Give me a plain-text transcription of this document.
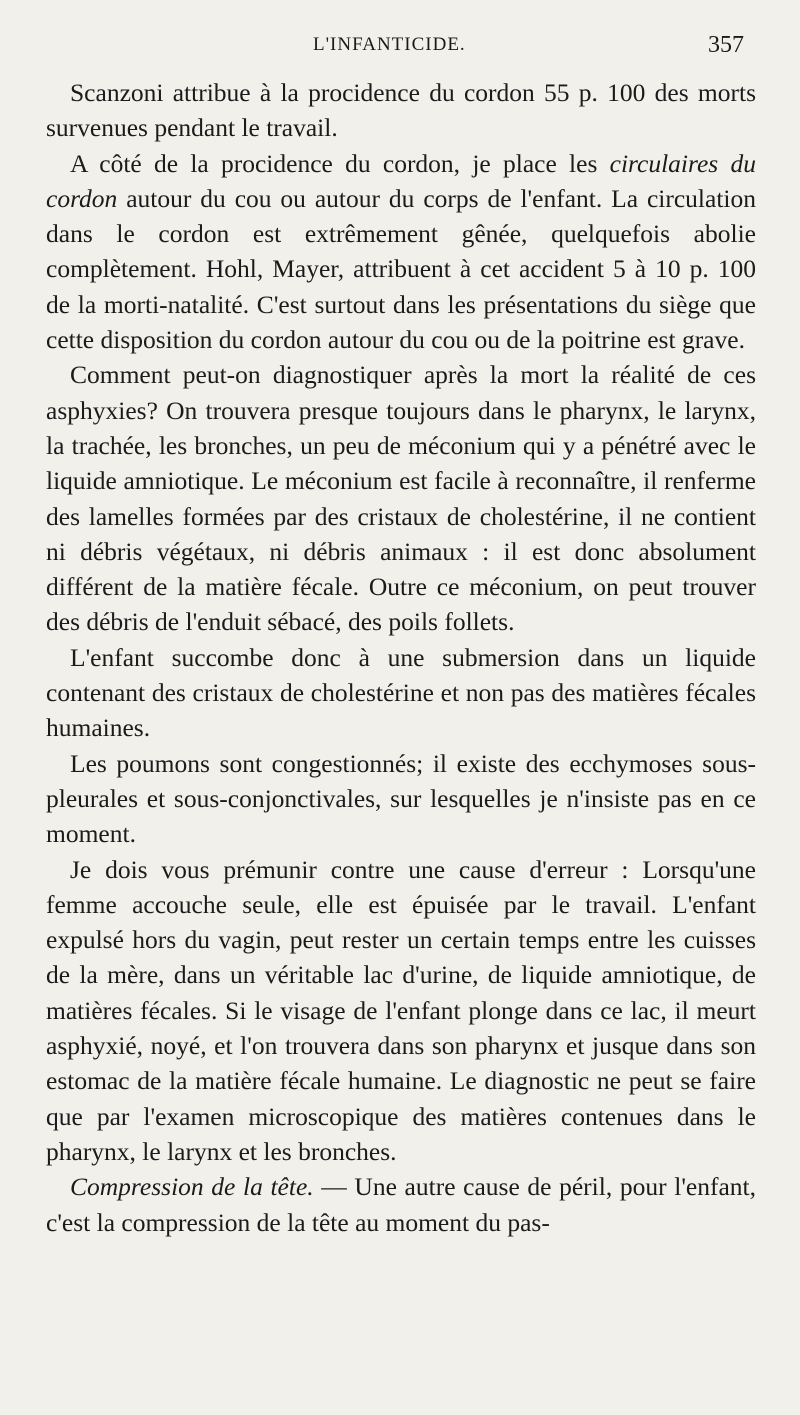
L'INFANTICIDE.	357

Scanzoni attribue à la procidence du cordon 55 p. 100 des morts survenues pendant le travail.

A côté de la procidence du cordon, je place les circulaires du cordon autour du cou ou autour du corps de l'enfant. La circulation dans le cordon est extrêmement gênée, quelquefois abolie complètement. Hohl, Mayer, attribuent à cet accident 5 à 10 p. 100 de la morti-natalité. C'est surtout dans les présentations du siège que cette disposition du cordon autour du cou ou de la poitrine est grave.

Comment peut-on diagnostiquer après la mort la réalité de ces asphyxies? On trouvera presque toujours dans le pharynx, le larynx, la trachée, les bronches, un peu de méconium qui y a pénétré avec le liquide amniotique. Le méconium est facile à reconnaître, il renferme des lamelles formées par des cristaux de cholestérine, il ne contient ni débris végétaux, ni débris animaux : il est donc absolument différent de la matière fécale. Outre ce méconium, on peut trouver des débris de l'enduit sébacé, des poils follets.

L'enfant succombe donc à une submersion dans un liquide contenant des cristaux de cholestérine et non pas des matières fécales humaines.

Les poumons sont congestionnés; il existe des ecchymoses sous-pleurales et sous-conjonctivales, sur lesquelles je n'insiste pas en ce moment.

Je dois vous prémunir contre une cause d'erreur : Lorsqu'une femme accouche seule, elle est épuisée par le travail. L'enfant expulsé hors du vagin, peut rester un certain temps entre les cuisses de la mère, dans un véritable lac d'urine, de liquide amniotique, de matières fécales. Si le visage de l'enfant plonge dans ce lac, il meurt asphyxié, noyé, et l'on trouvera dans son pharynx et jusque dans son estomac de la matière fécale humaine. Le diagnostic ne peut se faire que par l'examen microscopique des matières contenues dans le pharynx, le larynx et les bronches.

Compression de la tête. — Une autre cause de péril, pour l'enfant, c'est la compression de la tête au moment du pas-
